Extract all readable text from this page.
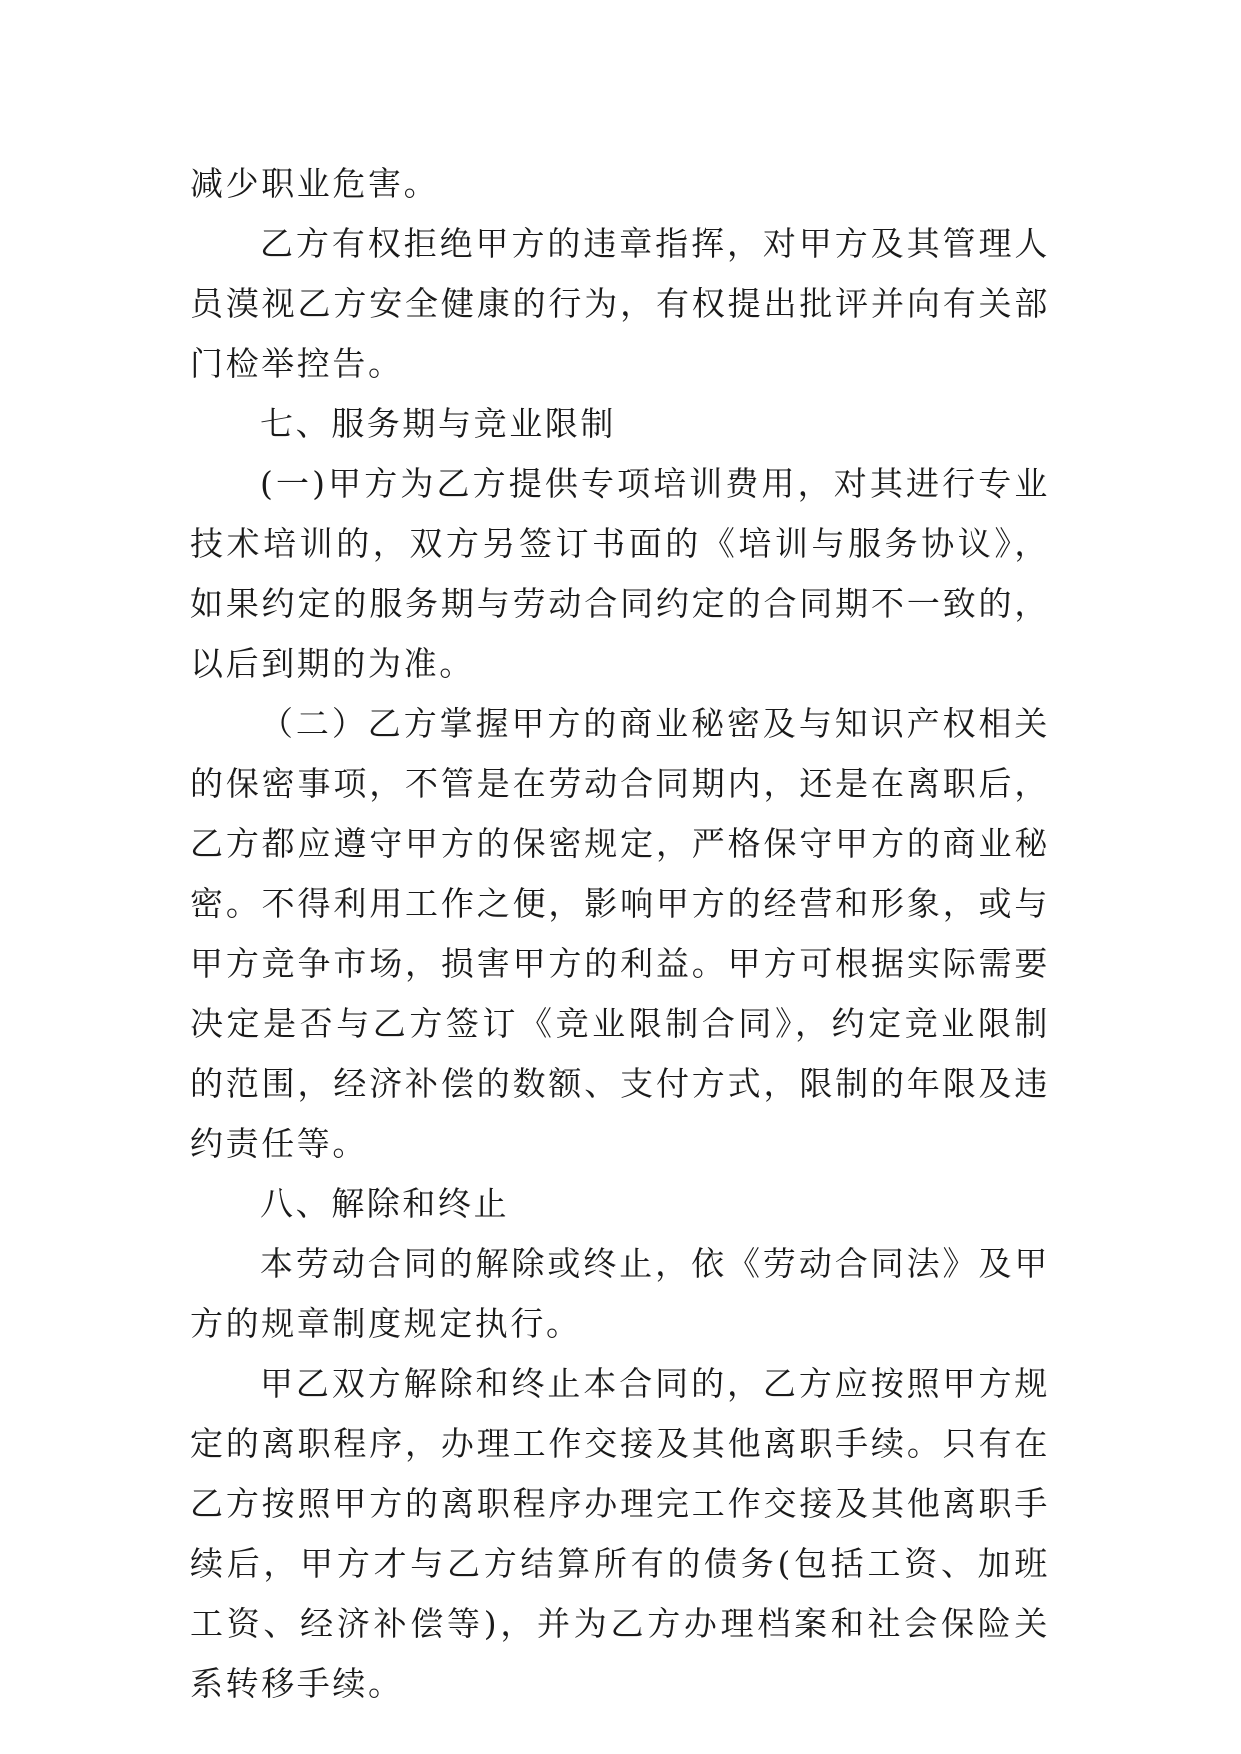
减少职业危害。

乙方有权拒绝甲方的违章指挥，对甲方及其管理人员漠视乙方安全健康的行为，有权提出批评并向有关部门检举控告。

七、服务期与竞业限制

(一)甲方为乙方提供专项培训费用，对其进行专业技术培训的，双方另签订书面的《培训与服务协议》，如果约定的服务期与劳动合同约定的合同期不一致的，以后到期的为准。

（二）乙方掌握甲方的商业秘密及与知识产权相关的保密事项，不管是在劳动合同期内，还是在离职后，乙方都应遵守甲方的保密规定，严格保守甲方的商业秘密。不得利用工作之便，影响甲方的经营和形象，或与甲方竞争市场，损害甲方的利益。甲方可根据实际需要决定是否与乙方签订《竞业限制合同》，约定竞业限制的范围，经济补偿的数额、支付方式，限制的年限及违约责任等。

八、解除和终止

本劳动合同的解除或终止，依《劳动合同法》及甲方的规章制度规定执行。

甲乙双方解除和终止本合同的，乙方应按照甲方规定的离职程序，办理工作交接及其他离职手续。只有在乙方按照甲方的离职程序办理完工作交接及其他离职手续后，甲方才与乙方结算所有的债务(包括工资、加班工资、经济补偿等)，并为乙方办理档案和社会保险关系转移手续。
